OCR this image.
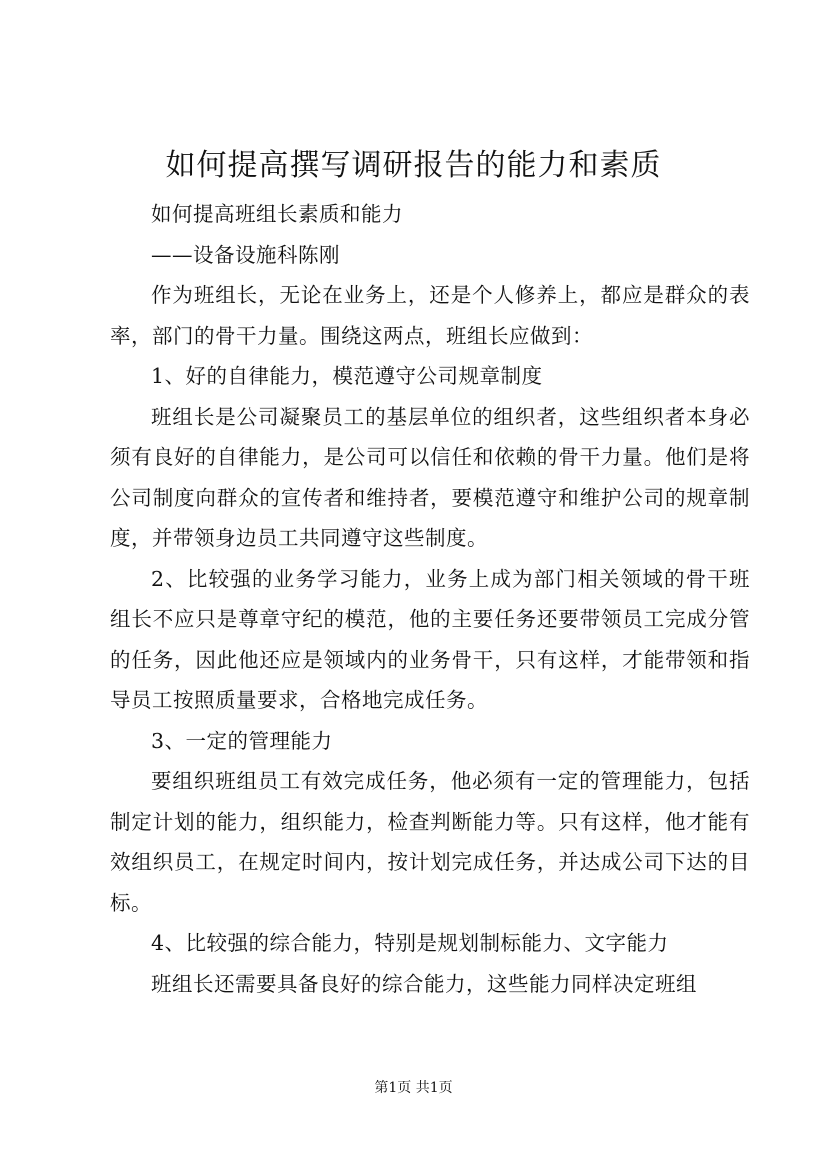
如何提高撰写调研报告的能力和素质

如何提高班组长素质和能力

——设备设施科陈刚

作为班组长，无论在业务上，还是个人修养上，都应是群众的表率，部门的骨干力量。围绕这两点，班组长应做到：

1、好的自律能力，模范遵守公司规章制度

班组长是公司凝聚员工的基层单位的组织者，这些组织者本身必须有良好的自律能力，是公司可以信任和依赖的骨干力量。他们是将公司制度向群众的宣传者和维持者，要模范遵守和维护公司的规章制度，并带领身边员工共同遵守这些制度。

2、比较强的业务学习能力，业务上成为部门相关领域的骨干班组长不应只是尊章守纪的模范，他的主要任务还要带领员工完成分管的任务，因此他还应是领域内的业务骨干，只有这样，才能带领和指导员工按照质量要求，合格地完成任务。

3、一定的管理能力

要组织班组员工有效完成任务，他必须有一定的管理能力，包括制定计划的能力，组织能力，检查判断能力等。只有这样，他才能有效组织员工，在规定时间内，按计划完成任务，并达成公司下达的目标。

4、比较强的综合能力，特别是规划制标能力、文字能力

班组长还需要具备良好的综合能力，这些能力同样决定班组

第1页 共1页
